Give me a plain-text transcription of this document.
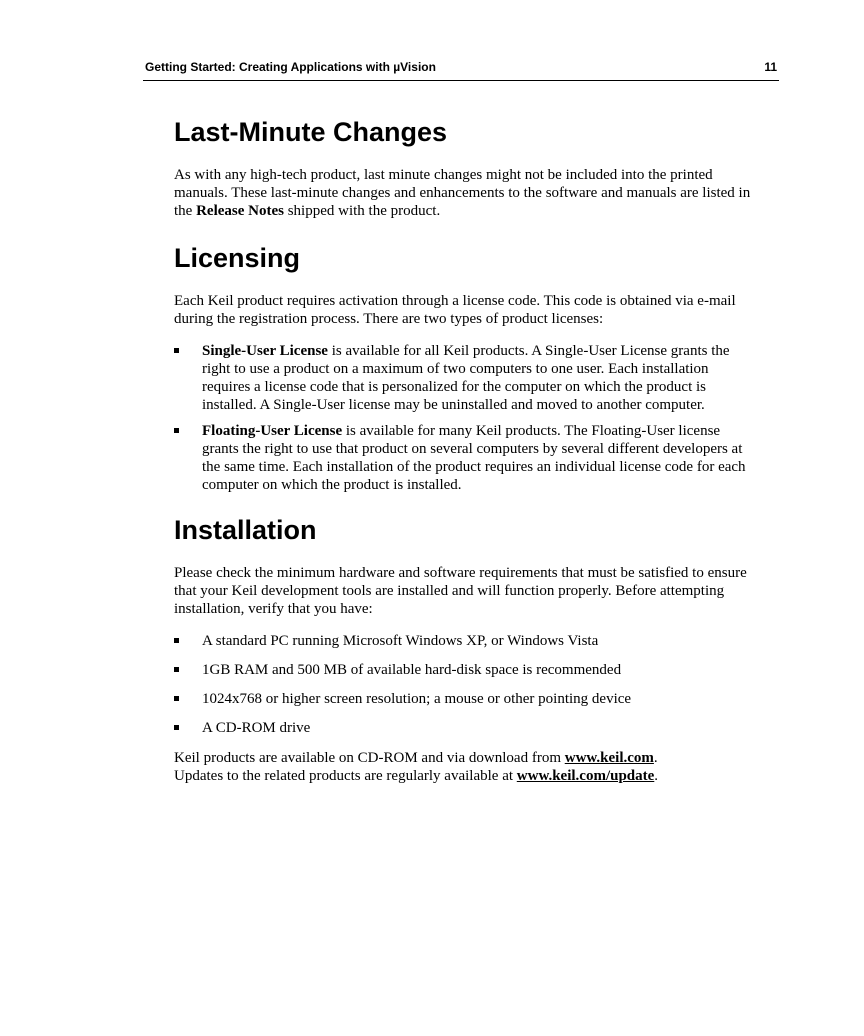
Getting Started: Creating Applications with µVision	11
Last-Minute Changes

As with any high-tech product, last minute changes might not be included into the printed manuals. These last-minute changes and enhancements to the software and manuals are listed in the Release Notes shipped with the product.

Licensing

Each Keil product requires activation through a license code. This code is obtained via e-mail during the registration process. There are two types of product licenses:

Single-User License is available for all Keil products. A Single-User License grants the right to use a product on a maximum of two computers to one user. Each installation requires a license code that is personalized for the computer on which the product is installed. A Single-User license may be uninstalled and moved to another computer.
Floating-User License is available for many Keil products. The Floating-User license grants the right to use that product on several computers by several different developers at the same time. Each installation of the product requires an individual license code for each computer on which the product is installed.
Installation

Please check the minimum hardware and software requirements that must be satisfied to ensure that your Keil development tools are installed and will function properly. Before attempting installation, verify that you have:

A standard PC running Microsoft Windows XP, or Windows Vista
1GB RAM and 500 MB of available hard-disk space is recommended
1024x768 or higher screen resolution; a mouse or other pointing device
A CD-ROM drive

Keil products are available on CD-ROM and via download from www.keil.com.
Updates to the related products are regularly available at www.keil.com/update.
